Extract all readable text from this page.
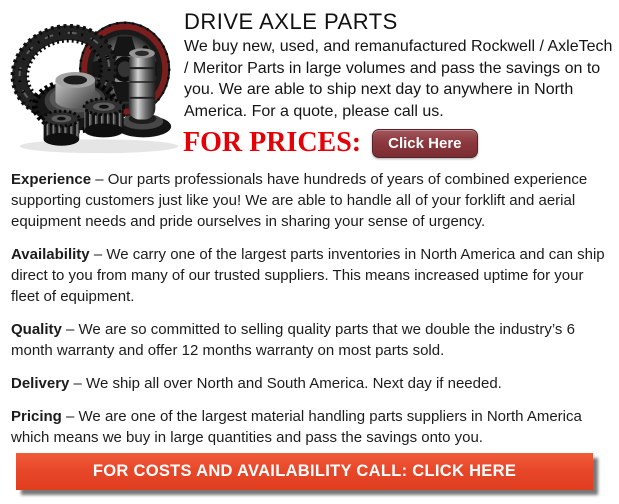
DRIVE AXLE PARTS

We buy new, used, and remanufactured Rockwell / AxleTech / Meritor Parts in large volumes and pass the savings on to you. We are able to ship next day to anywhere in North America. For a quote, please call us.

FOR PRICES:	Click Here

Experience – Our parts professionals have hundreds of years of combined experience supporting customers just like you! We are able to handle all of your forklift and aerial equipment needs and pride ourselves in sharing your sense of urgency.

Availability – We carry one of the largest parts inventories in North America and can ship direct to you from many of our trusted suppliers. This means increased uptime for your fleet of equipment.

Quality – We are so committed to selling quality parts that we double the industry’s 6 month warranty and offer 12 months warranty on most parts sold.

Delivery – We ship all over North and South America. Next day if needed.

Pricing – We are one of the largest material handling parts suppliers in North America which means we buy in large quantities and pass the savings onto you.

FOR COSTS AND AVAILABILITY CALL: CLICK HERE
